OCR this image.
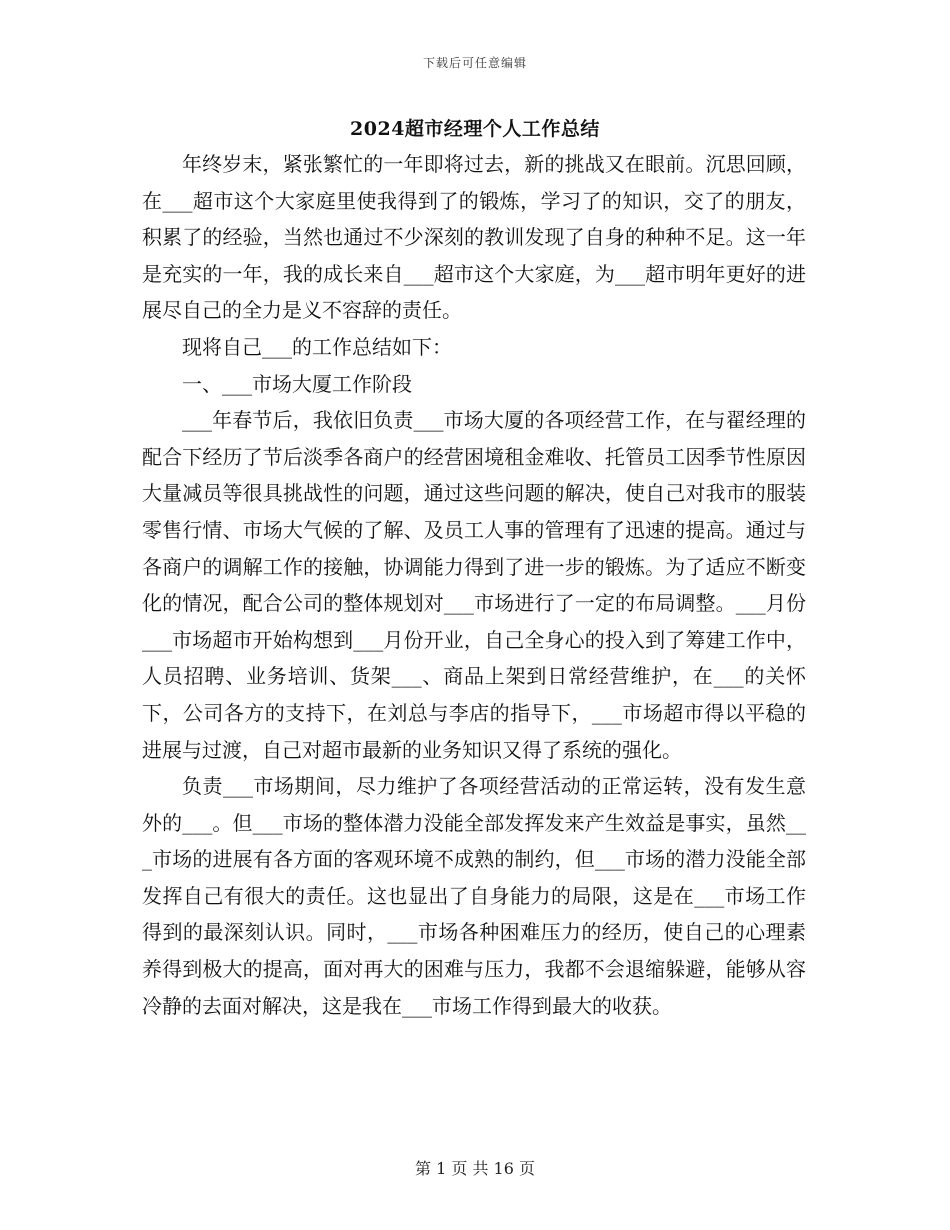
下载后可任意编辑
2024超市经理个人工作总结

年终岁末，紧张繁忙的一年即将过去，新的挑战又在眼前。沉思回顾，在___超市这个大家庭里使我得到了的锻炼，学习了的知识，交了的朋友，积累了的经验，当然也通过不少深刻的教训发现了自身的种种不足。这一年是充实的一年，我的成长来自___超市这个大家庭，为___超市明年更好的进展尽自己的全力是义不容辞的责任。

现将自己___的工作总结如下：

一、___市场大厦工作阶段

___年春节后，我依旧负责___市场大厦的各项经营工作，在与翟经理的配合下经历了节后淡季各商户的经营困境租金难收、托管员工因季节性原因大量减员等很具挑战性的问题，通过这些问题的解决，使自己对我市的服装零售行情、市场大气候的了解、及员工人事的管理有了迅速的提高。通过与各商户的调解工作的接触，协调能力得到了进一步的锻炼。为了适应不断变化的情况，配合公司的整体规划对___市场进行了一定的布局调整。___月份___市场超市开始构想到___月份开业，自己全身心的投入到了筹建工作中，人员招聘、业务培训、货架___、商品上架到日常经营维护，在___的关怀下，公司各方的支持下，在刘总与李店的指导下，___市场超市得以平稳的进展与过渡，自己对超市最新的业务知识又得了系统的强化。

负责___市场期间，尽力维护了各项经营活动的正常运转，没有发生意外的___。但___市场的整体潜力没能全部发挥发来产生效益是事实，虽然___市场的进展有各方面的客观环境不成熟的制约，但___市场的潜力没能全部发挥自己有很大的责任。这也显出了自身能力的局限，这是在___市场工作得到的最深刻认识。同时，___市场各种困难压力的经历，使自己的心理素养得到极大的提高，面对再大的困难与压力，我都不会退缩躲避，能够从容冷静的去面对解决，这是我在___市场工作得到最大的收获。

第 1 页 共 16 页
